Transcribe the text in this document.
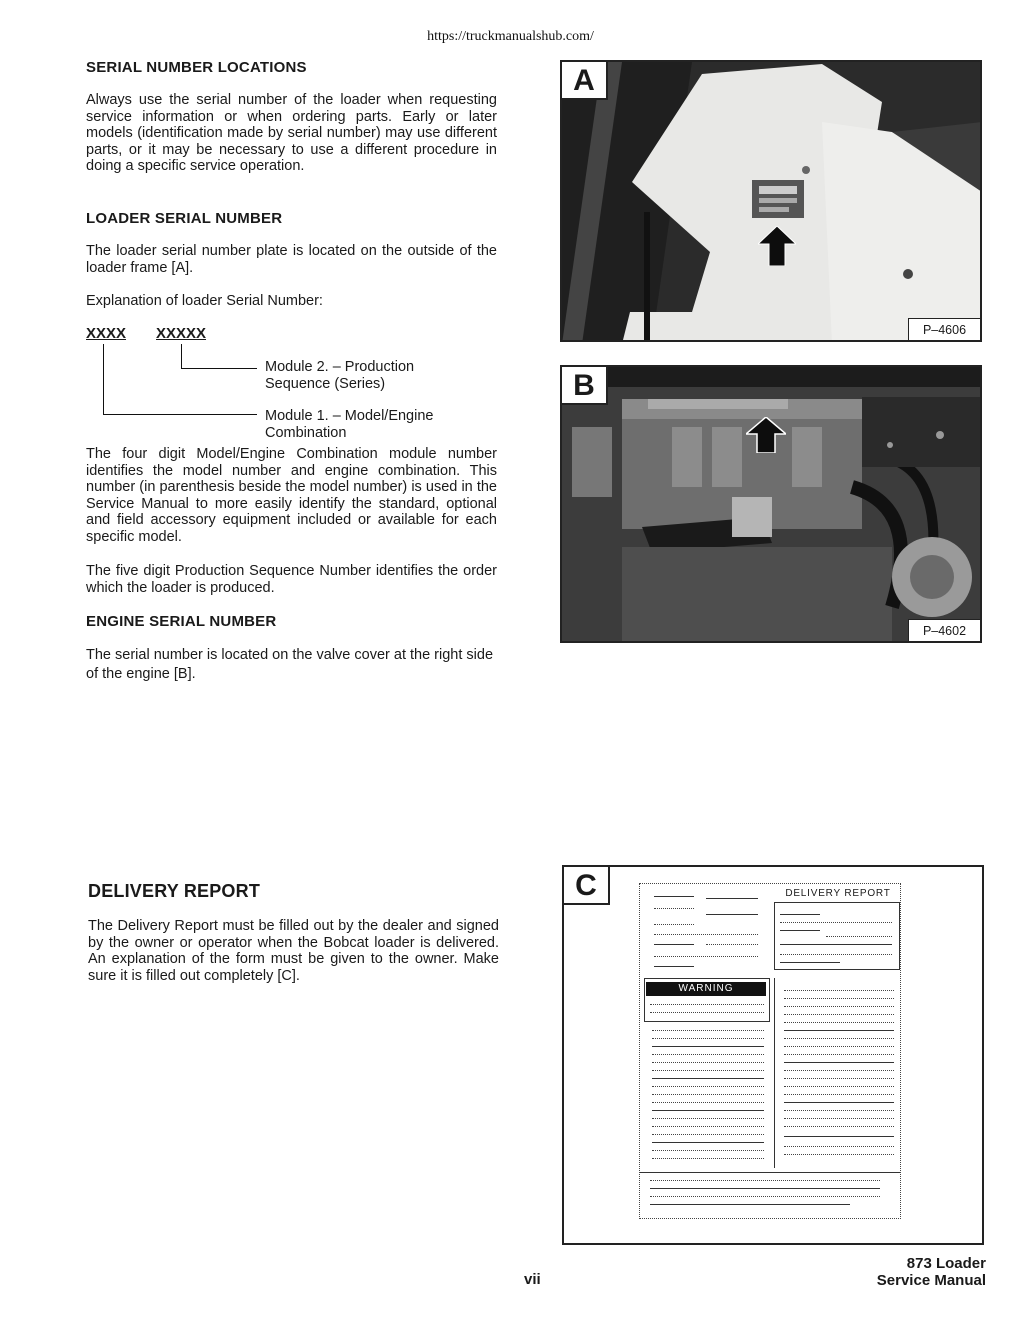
https://truckmanualshub.com/
SERIAL NUMBER LOCATIONS
Always use the serial number of the loader when requesting service information or when ordering parts. Early or later models (identification made by serial number) may use different parts, or it may be necessary to use a different procedure in doing a specific service operation.
LOADER SERIAL NUMBER
The loader serial number plate is located on the outside of the loader frame [A].
Explanation of loader Serial Number:
XXXX XXXXX
Module 2. – Production
Sequence (Series)
Module 1. – Model/Engine
Combination
The four digit Model/Engine Combination module number identifies the model number and engine combination. This number (in parenthesis beside the model number) is used in the Service Manual to more easily identify the standard, optional and field accessory equipment included or available for each specific model.
The five digit Production Sequence Number identifies the order which the loader is produced.
ENGINE SERIAL NUMBER
The serial number is located on the valve cover at the right side of the engine [B].
DELIVERY REPORT
The Delivery Report must be filled out by the dealer and signed by the owner or operator when the Bobcat loader is delivered. An explanation of the form must be given to the owner. Make sure it is filled out completely [C].
A
P–4606
B
P–4602
C	DELIVERY REPORT
WARNING
vii
873 Loader
Service Manual
